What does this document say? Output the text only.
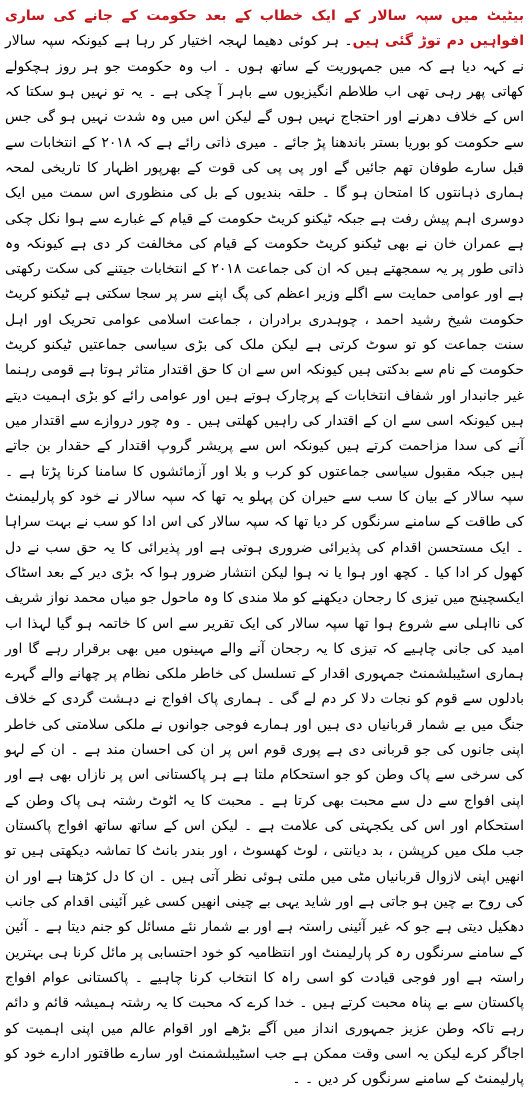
بیٹیٹ میں سپہ سالار کے ایک خطاب کے بعد حکومت کے جانے کی ساری افواہیں دم توڑ گئی ہیں۔ ہر کوئی دھیما لہجہ اختیار کر رہا ہے کیونکہ سپہ سالار نے کہہ دیا ہے کہ میں جمہوریت کے ساتھ ہوں ۔ اب وہ حکومت جو ہر روز ہچکولے کھاتی پھر رہی تھی اب طلاطم انگیزیوں سے باہر آ چکی ہے ۔ یہ تو نہیں ہو سکتا کہ اس کے خلاف دھرنے اور احتجاج نہیں ہوں گے لیکن اس میں وہ شدت نہیں ہو گی جس سے حکومت کو بوریا بستر باندھنا پڑ جائے ۔ میری ذاتی رائے ہے کہ ۲۰۱۸ کے انتخابات سے قبل سارے طوفان تھم جائیں گے اور پی پی کی قوت کے بھرپور اظہار کا تاریخی لمحہ ہماری ذہانتوں کا امتحان ہو گا ۔ حلقہ بندیوں کے بل کی منظوری اس سمت میں ایک دوسری اہم پیش رفت ہے جبکہ ٹیکنو کریٹ حکومت کے قیام کے غبارے سے ہوا نکل چکی ہے عمران خان نے بھی ٹیکنو کریٹ حکومت کے قیام کی مخالفت کر دی ہے کیونکہ وہ ذاتی طور پر یہ سمجھتے ہیں کہ ان کی جماعت ۲۰۱۸ کے انتخابات جیتنے کی سکت رکھتی ہے اور عوامی حمایت سے اگلے وزیر اعظم کی پگ اپنے سر پر سجا سکتی ہے ٹیکنو کریٹ حکومت شیخ رشید احمد ، چوہدری برادران ، جماعت اسلامی عوامی تحریک اور اہل سنت جماعت کو تو سوٹ کرتی ہے لیکن ملک کی بڑی سیاسی جماعتیں ٹیکنو کریٹ حکومت کے نام سے بدکتی ہیں کیونکہ اس سے ان کا حق اقتدار متاثر ہوتا ہے قومی رہنما غیر جانبدار اور شفاف انتخابات کے پرچارک ہوتے ہیں اور عوامی رائے کو بڑی اہمیت دیتے ہیں کیونکہ اسی سے ان کے اقتدار کی راہیں کھلتی ہیں ۔ وہ چور دروازے سے اقتدار میں آنے کی سدا مزاحمت کرتے ہیں کیونکہ اس سے پریشر گروپ اقتدار کے حقدار بن جاتے ہیں جبکہ مقبول سیاسی جماعتوں کو کرب و بلا اور آزمائشوں کا سامنا کرنا پڑتا ہے ۔ سپہ سالار کے بیان کا سب سے حیران کن پہلو یہ تھا کہ سپہ سالار نے خود کو پارلیمنٹ کی طاقت کے سامنے سرنگوں کر دیا تھا کہ سپہ سالار کی اس ادا کو سب نے بہت سراہا ۔ ایک مستحسن اقدام کی پذیرائی ضروری ہوتی ہے اور پذیرائی کا یہ حق سب نے دل کھول کر ادا کیا ۔ کچھ اور ہوا یا نہ ہوا لیکن انتشار ضرور ہوا کہ بڑی دیر کے بعد اسٹاک ایکسچینج میں تیزی کا رجحان دیکھنے کو ملا مندی کا وہ ماحول جو میاں محمد نواز شریف کی نااہلی سے شروع ہوا تھا سپہ سالار کی ایک تقریر سے اس کا خاتمہ ہو گیا لہذا اب امید کی جانی چاہیے کہ تیزی کا یہ رجحان آنے والے مہینوں میں بھی برقرار رہے گا اور ہماری اسٹیبلشمنٹ جمہوری اقدار کے تسلسل کی خاطر ملکی نظام پر چھانے والے گہرے بادلوں سے قوم کو نجات دلا کر دم لے گی ۔ ہماری پاک افواج نے دہشت گردی کے خلاف جنگ میں بے شمار قربانیاں دی ہیں اور ہمارے فوجی جوانوں نے ملکی سلامتی کی خاطر اپنی جانوں کی جو قربانی دی ہے پوری قوم اس پر ان کی احسان مند ہے ۔ ان کے لہو کی سرخی سے پاک وطن کو جو استحکام ملتا ہے ہر پاکستانی اس پر نازاں بھی ہے اور اپنی افواج سے دل سے محبت بھی کرتا ہے ۔ محبت کا یہ اٹوٹ رشتہ ہی پاک وطن کے استحکام اور اس کی یکجہتی کی علامت ہے ۔ لیکن اس کے ساتھ ساتھ افواج پاکستان جب ملک میں کرپشن ، بد دیانتی ، لوٹ کھسوٹ ، اور بندر بانٹ کا تماشہ دیکھتی ہیں تو انھیں اپنی لازوال قربانیاں مٹی میں ملتی ہوئی نظر آتی ہیں ۔ ان کا دل کڑھتا ہے اور ان کی روح بے چین ہو جاتی ہے اور شاید یہی بے چینی انھیں کسی غیر آئینی اقدام کی جانب دھکیل دیتی ہے جو کہ غیر آئینی راستہ ہے اور بے شمار نئے مسائل کو جنم دیتا ہے ۔ آئین کے سامنے سرنگوں رہ کر پارلیمنٹ اور انتظامیہ کو خود احتسابی پر مائل کرنا ہی بہترین راستہ ہے اور فوجی قیادت کو اسی راہ کا انتخاب کرنا چاہیے ۔ پاکستانی عوام افواج پاکستان سے بے پناہ محبت کرتے ہیں ۔ خدا کرے کہ محبت کا یہ رشتہ ہمیشہ قائم و دائم رہے تاکہ وطن عزیز جمہوری انداز میں آگے بڑھے اور اقوام عالم میں اپنی اہمیت کو اجاگر کرے لیکن یہ اسی وقت ممکن ہے جب اسٹیبلشمنٹ اور سارے طاقتور ادارے خود کو پارلیمنٹ کے سامنے سرنگوں کر دیں ۔ ۔
